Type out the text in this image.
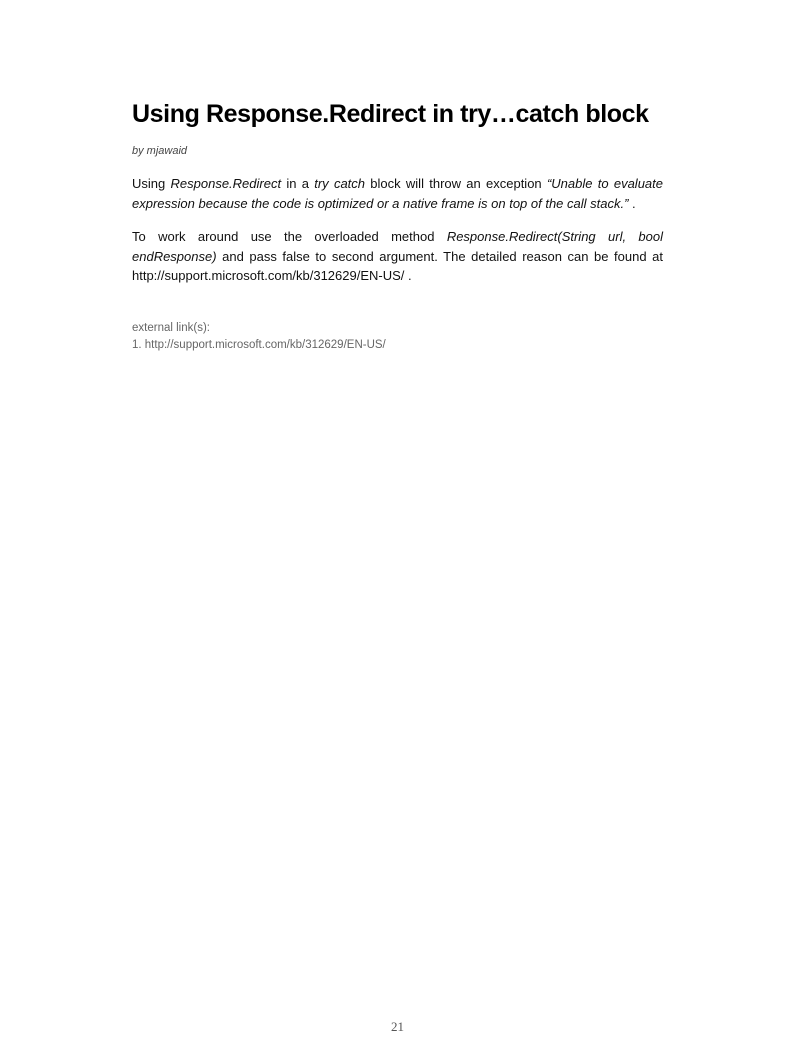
Using Response.Redirect in try…catch block
by mjawaid

Using Response.Redirect in a try catch block will throw an exception “Unable to evaluate expression because the code is optimized or a native frame is on top of the call stack.” .

To work around use the overloaded method Response.Redirect(String url, bool endResponse) and pass false to second argument. The detailed reason can be found at http://support.microsoft.com/kb/312629/EN-US/ .

external link(s):
1. http://support.microsoft.com/kb/312629/EN-US/
21
